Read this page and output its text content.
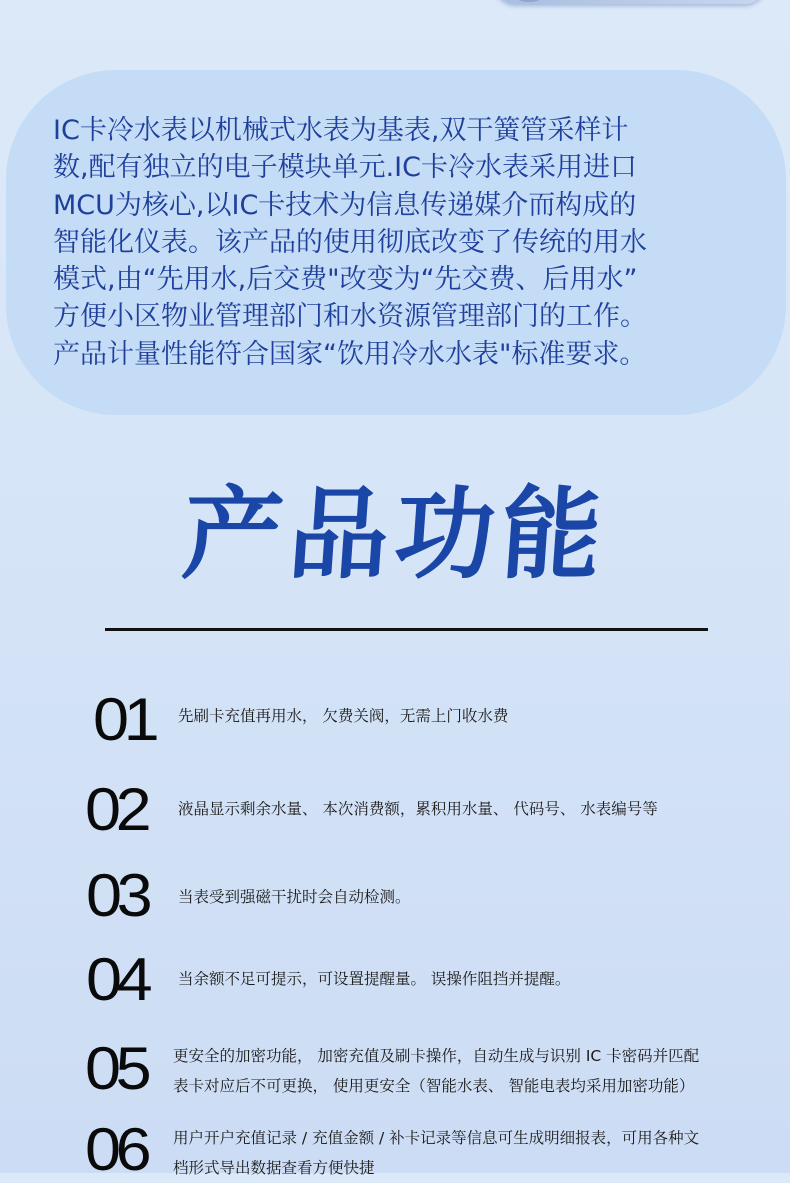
IC卡冷水表以机械式水表为基表,双干簧管采样计
数,配有独立的电子模块单元.IC卡冷水表采用进口
MCU为核心,以IC卡技术为信息传递媒介而构成的
智能化仪表。该产品的使用彻底改变了传统的用水
模式,由“先用水,后交费"改变为“先交费、后用水”
方便小区物业管理部门和水资源管理部门的工作。
产品计量性能符合国家“饮用冷水水表"标准要求。

产品功能

01 先刷卡充值再用水， 欠费关阀，无需上门收水费

02 液晶显示剩余水量、 本次消费额，累积用水量、 代码号、 水表编号等

03 当表受到强磁干扰时会自动检测。

04 当余额不足可提示，可设置提醒量。 误操作阻挡并提醒。

05 更安全的加密功能， 加密充值及刷卡操作，自动生成与识别 IC 卡密码并匹配
表卡对应后不可更换， 使用更安全（智能水表、 智能电表均采用加密功能）

06 用户开户充值记录 / 充值金额 / 补卡记录等信息可生成明细报表，可用各种文
档形式导出数据查看方便快捷
